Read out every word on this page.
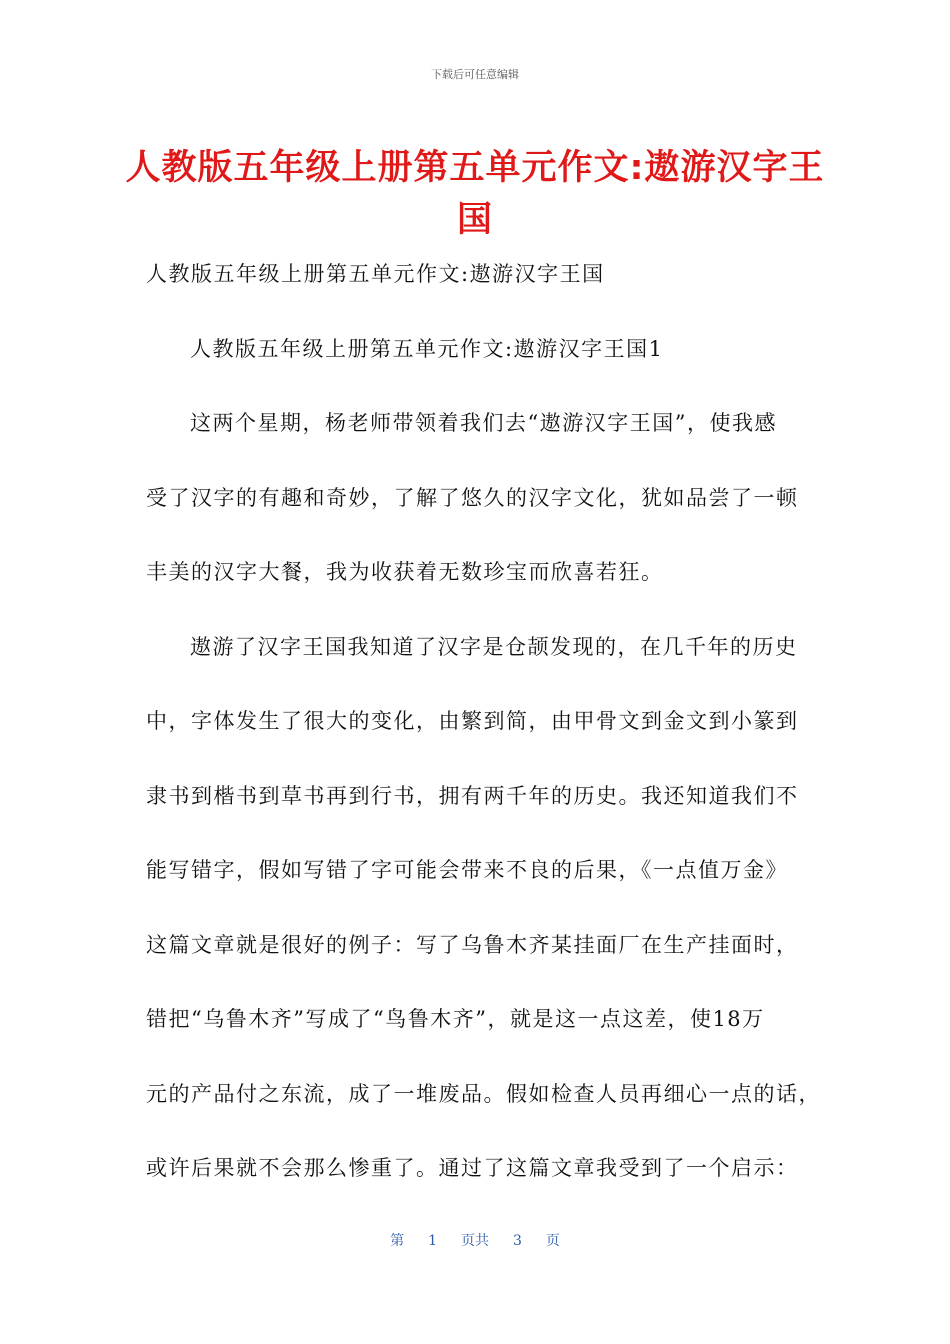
下载后可任意编辑
人教版五年级上册第五单元作文:遨游汉字王国
人教版五年级上册第五单元作文:遨游汉字王国
人教版五年级上册第五单元作文:遨游汉字王国1
这两个星期，杨老师带领着我们去“遨游汉字王国”，使我感
受了汉字的有趣和奇妙，了解了悠久的汉字文化，犹如品尝了一顿
丰美的汉字大餐，我为收获着无数珍宝而欣喜若狂。
遨游了汉字王国我知道了汉字是仓颉发现的，在几千年的历史
中，字体发生了很大的变化，由繁到简，由甲骨文到金文到小篆到
隶书到楷书到草书再到行书，拥有两千年的历史。我还知道我们不
能写错字，假如写错了字可能会带来不良的后果，《一点值万金》
这篇文章就是很好的例子：写了乌鲁木齐某挂面厂在生产挂面时，
错把“乌鲁木齐”写成了“鸟鲁木齐”，就是这一点这差，使18万
元的产品付之东流，成了一堆废品。假如检查人员再细心一点的话，
或许后果就不会那么惨重了。通过了这篇文章我受到了一个启示：
第 1 页共 3 页
